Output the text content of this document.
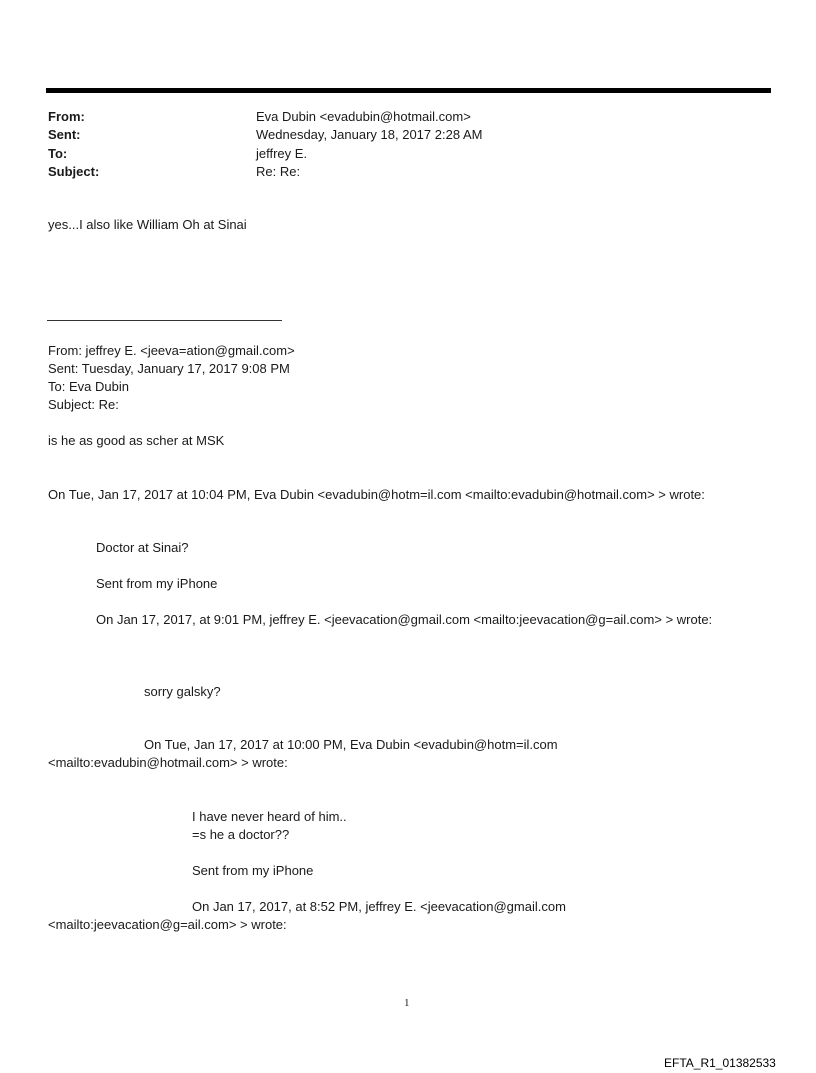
From:	Eva Dubin <evadubin@hotmail.com>
Sent:	Wednesday, January 18, 2017 2:28 AM
To:	jeffrey E.
Subject:	Re: Re:
yes...I also like William Oh at Sinai
From: jeffrey E. <jeeva=ation@gmail.com>
Sent: Tuesday, January 17, 2017 9:08 PM
To: Eva Dubin
Subject: Re:
is he as good as scher at MSK
On Tue, Jan 17, 2017 at 10:04 PM, Eva Dubin <evadubin@hotm=il.com <mailto:evadubin@hotmail.com> > wrote:
Doctor at Sinai?
Sent from my iPhone
On Jan 17, 2017, at 9:01 PM, jeffrey E. <jeevacation@gmail.com <mailto:jeevacation@g=ail.com> > wrote:
sorry galsky?
On Tue, Jan 17, 2017 at 10:00 PM, Eva Dubin <evadubin@hotm=il.com
<mailto:evadubin@hotmail.com> > wrote:
I have never heard of him..
=s he a doctor??
Sent from my iPhone
On Jan 17, 2017, at 8:52 PM, jeffrey E. <jeevacation@gmail.com
<mailto:jeevacation@g=ail.com> > wrote:
1
EFTA_R1_01382533
